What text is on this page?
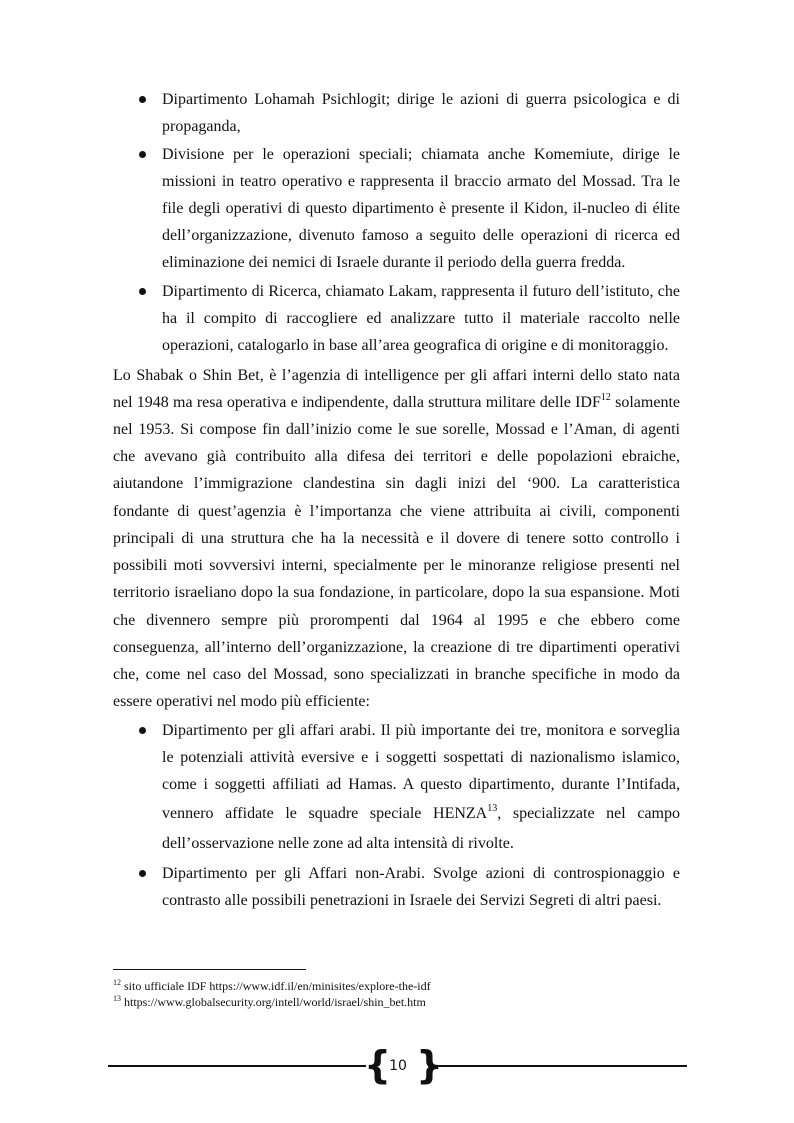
Dipartimento Lohamah Psichlogit; dirige le azioni di guerra psicologica e di
propaganda,
Divisione per le operazioni speciali; chiamata anche Komemiute, dirige le
missioni in teatro operativo e rappresenta il braccio armato del Mossad. Tra le
file degli operativi di questo dipartimento è presente il Kidon, il-nucleo di élite
dell’organizzazione, divenuto famoso a seguito delle operazioni di ricerca ed
eliminazione dei nemici di Israele durante il periodo della guerra fredda.
Dipartimento di Ricerca, chiamato Lakam, rappresenta il futuro dell’istituto, che
ha il compito di raccogliere ed analizzare tutto il materiale raccolto nelle
operazioni, catalogarlo in base all’area geografica di origine e di monitoraggio.
Lo Shabak o Shin Bet, è l’agenzia di intelligence per gli affari interni dello stato nata
nel 1948 ma resa operativa e indipendente, dalla struttura militare delle IDF$^{12}$ solamente
nel 1953. Si compose fin dall’inizio come le sue sorelle, Mossad e l’Aman, di agenti
che avevano già contribuito alla difesa dei territori e delle popolazioni ebraiche,
aiutandone l’immigrazione clandestina sin dagli inizi del ‘900. La caratteristica
fondante di quest’agenzia è l’importanza che viene attribuita ai civili, componenti
principali di una struttura che ha la necessità e il dovere di tenere sotto controllo i
possibili moti sovversivi interni, specialmente per le minoranze religiose presenti nel
territorio israeliano dopo la sua fondazione, in particolare, dopo la sua espansione. Moti
che divennero sempre più prorompenti dal 1964 al 1995 e che ebbero come
conseguenza, all’interno dell’organizzazione, la creazione di tre dipartimenti operativi
che, come nel caso del Mossad, sono specializzati in branche specifiche in modo da
essere operativi nel modo più efficiente:
Dipartimento per gli affari arabi. Il più importante dei tre, monitora e sorveglia
le potenziali attività eversive e i soggetti sospettati di nazionalismo islamico,
come i soggetti affiliati ad Hamas. A questo dipartimento, durante l’Intifada,
vennero affidate le squadre speciale HENZA$^{13}$, specializzate nel campo
dell’osservazione nelle zone ad alta intensità di rivolte.
Dipartimento per gli Affari non-Arabi. Svolge azioni di controspionaggio e
contrasto alle possibili penetrazioni in Israele dei Servizi Segreti di altri paesi.
$^{12}$ sito ufficiale IDF https://www.idf.il/en/minisites/explore-the-idf
$^{13}$ https://www.globalsecurity.org/intell/world/israel/shin_bet.htm
{
10 }
